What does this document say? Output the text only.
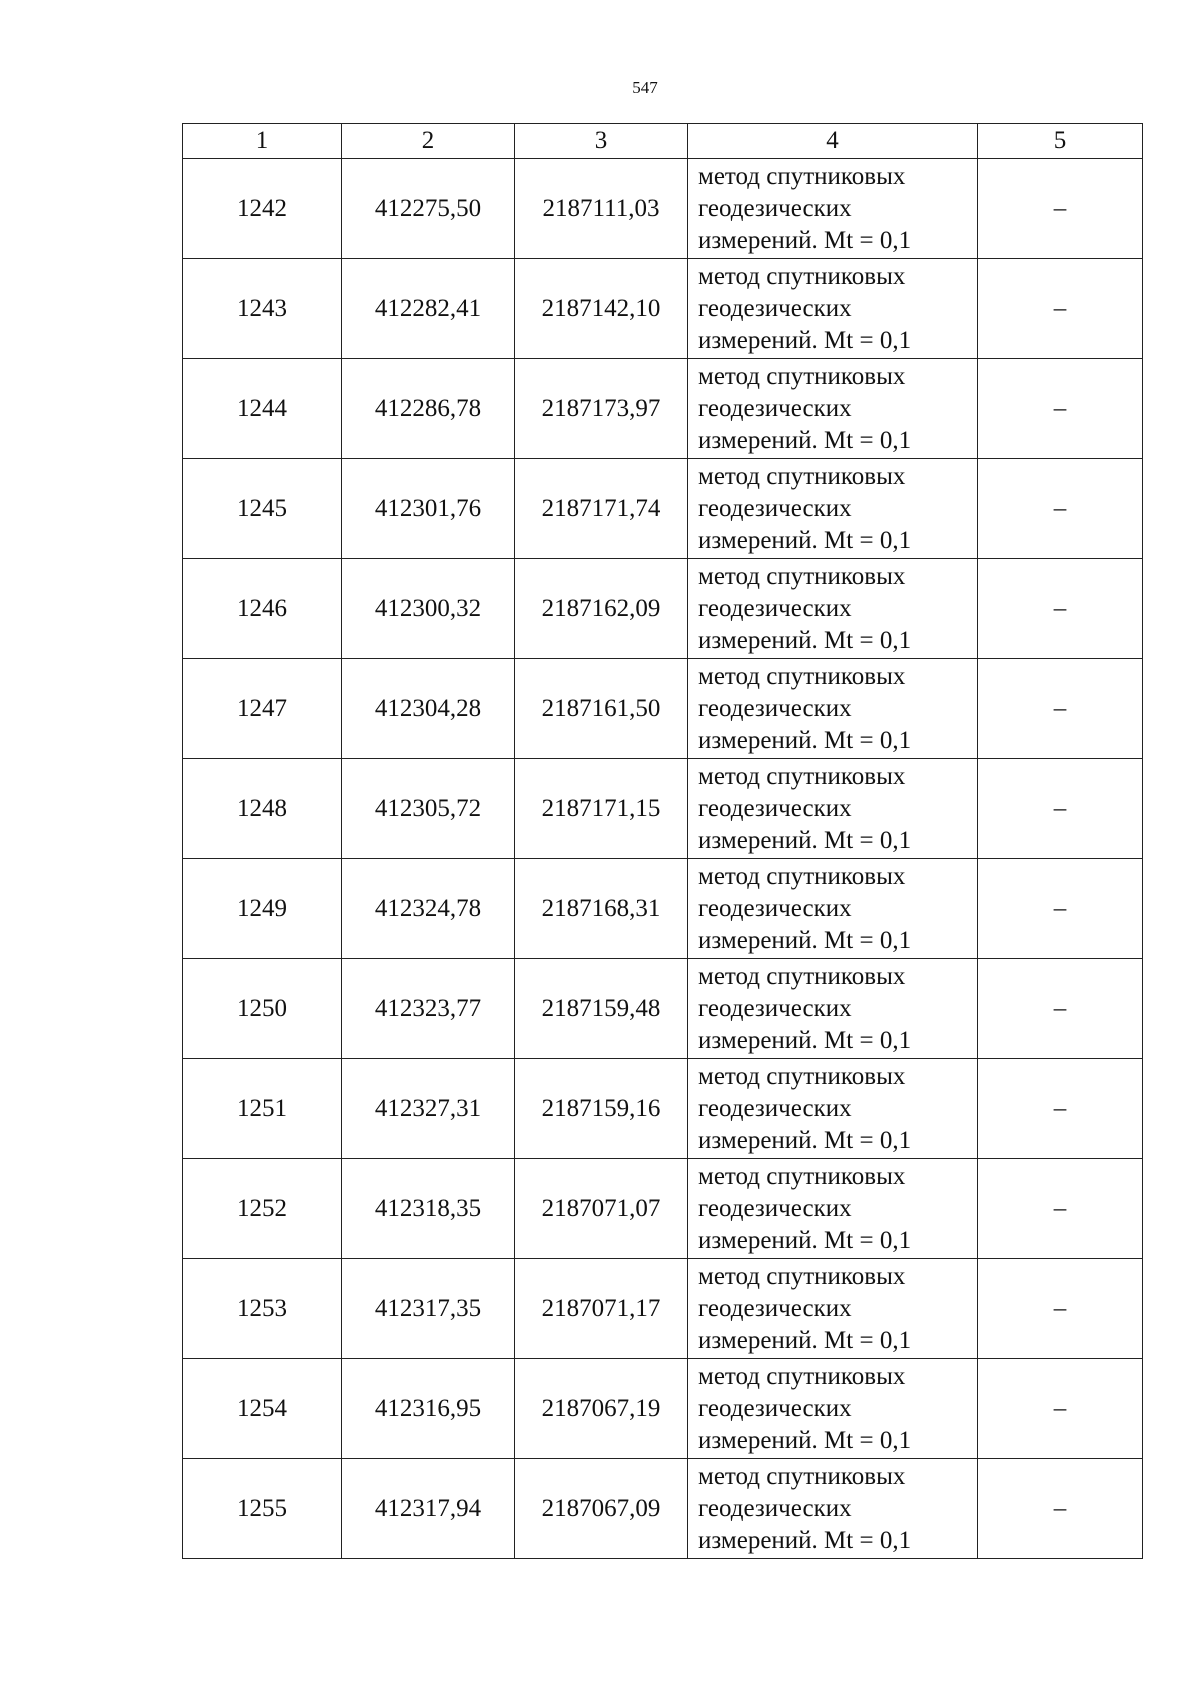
547
1	2	3	4	5
1242	412275,50	2187111,03	метод спутниковых
геодезических
измерений. Mt = 0,1	–
1243	412282,41	2187142,10	метод спутниковых
геодезических
измерений. Mt = 0,1	–
1244	412286,78	2187173,97	метод спутниковых
геодезических
измерений. Mt = 0,1	–
1245	412301,76	2187171,74	метод спутниковых
геодезических
измерений. Mt = 0,1	–
1246	412300,32	2187162,09	метод спутниковых
геодезических
измерений. Mt = 0,1	–
1247	412304,28	2187161,50	метод спутниковых
геодезических
измерений. Mt = 0,1	–
1248	412305,72	2187171,15	метод спутниковых
геодезических
измерений. Mt = 0,1	–
1249	412324,78	2187168,31	метод спутниковых
геодезических
измерений. Mt = 0,1	–
1250	412323,77	2187159,48	метод спутниковых
геодезических
измерений. Mt = 0,1	–
1251	412327,31	2187159,16	метод спутниковых
геодезических
измерений. Mt = 0,1	–
1252	412318,35	2187071,07	метод спутниковых
геодезических
измерений. Mt = 0,1	–
1253	412317,35	2187071,17	метод спутниковых
геодезических
измерений. Mt = 0,1	–
1254	412316,95	2187067,19	метод спутниковых
геодезических
измерений. Mt = 0,1	–
1255	412317,94	2187067,09	метод спутниковых
геодезических
измерений. Mt = 0,1	–
